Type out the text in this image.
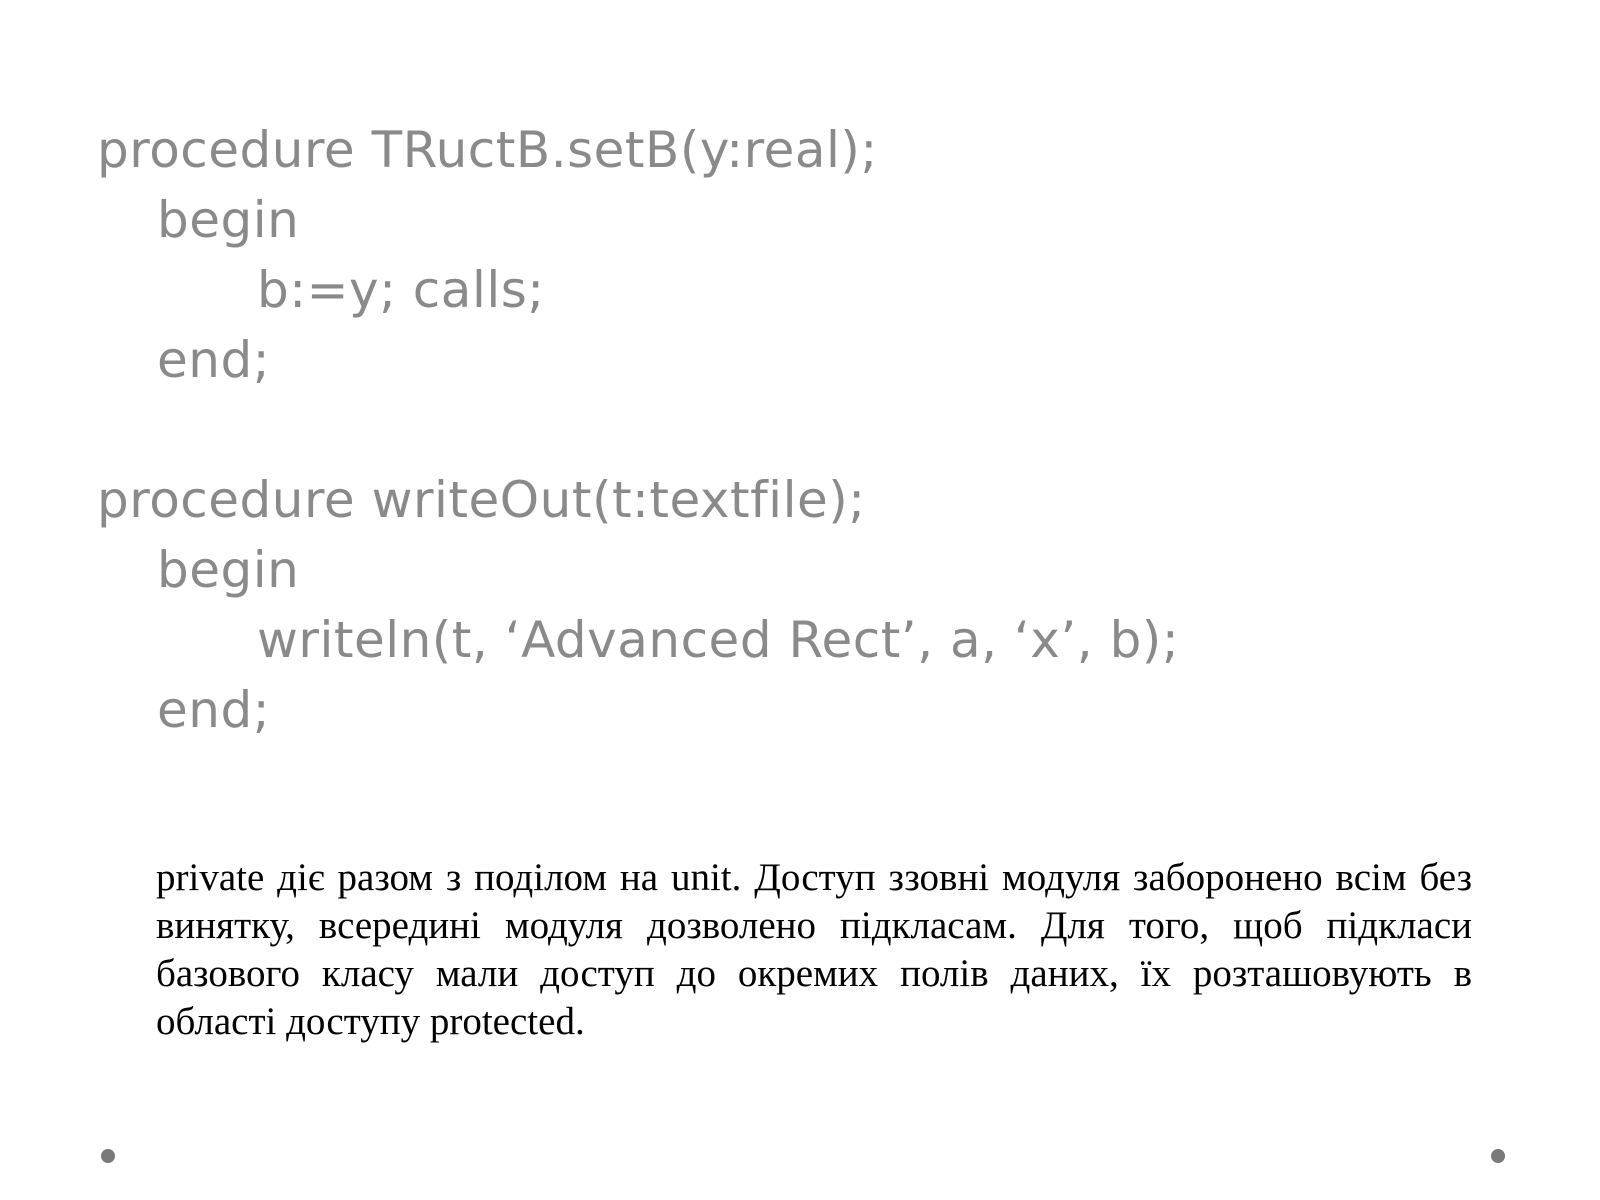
procedure TRuctB.setB(y:real);
begin
b:=y; calls;
end;
procedure writeOut(t:textfile);
begin
writeln(t, ‘Advanced Rect’, a, ‘x’, b);
end;

private діє разом з поділом на unit. Доступ ззовні модуля заборонено всім без винятку, всередині модуля дозволено підкласам. Для того, щоб підкласи базового класу мали доступ до окремих полів даних, їх розташовують в області доступу protected.
